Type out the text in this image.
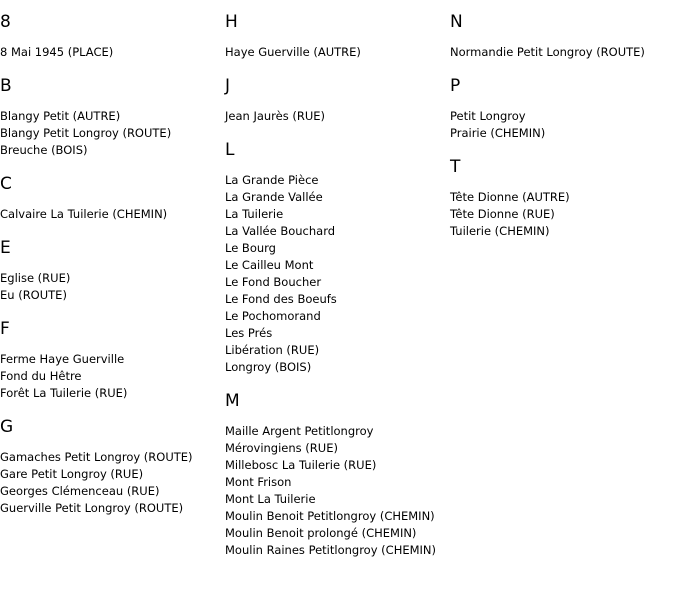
8
8 Mai 1945 (PLACE)
B
Blangy Petit (AUTRE)
Blangy Petit Longroy (ROUTE)
Breuche (BOIS)
C
Calvaire La Tuilerie (CHEMIN)
E
Eglise (RUE)
Eu (ROUTE)
F
Ferme Haye Guerville
Fond du Hêtre
Forêt La Tuilerie (RUE)
G
Gamaches Petit Longroy (ROUTE)
Gare Petit Longroy (RUE)
Georges Clémenceau (RUE)
Guerville Petit Longroy (ROUTE)
H
Haye Guerville (AUTRE)
J
Jean Jaurès (RUE)
L
La Grande Pièce
La Grande Vallée
La Tuilerie
La Vallée Bouchard
Le Bourg
Le Cailleu Mont
Le Fond Boucher
Le Fond des Boeufs
Le Pochomorand
Les Prés
Libération (RUE)
Longroy (BOIS)
M
Maille Argent Petitlongroy
Mérovingiens (RUE)
Millebosc La Tuilerie (RUE)
Mont Frison
Mont La Tuilerie
Moulin Benoit Petitlongroy (CHEMIN)
Moulin Benoit prolongé (CHEMIN)
Moulin Raines Petitlongroy (CHEMIN)
N
Normandie Petit Longroy (ROUTE)
P
Petit Longroy
Prairie (CHEMIN)
T
Tête Dionne (AUTRE)
Tête Dionne (RUE)
Tuilerie (CHEMIN)
